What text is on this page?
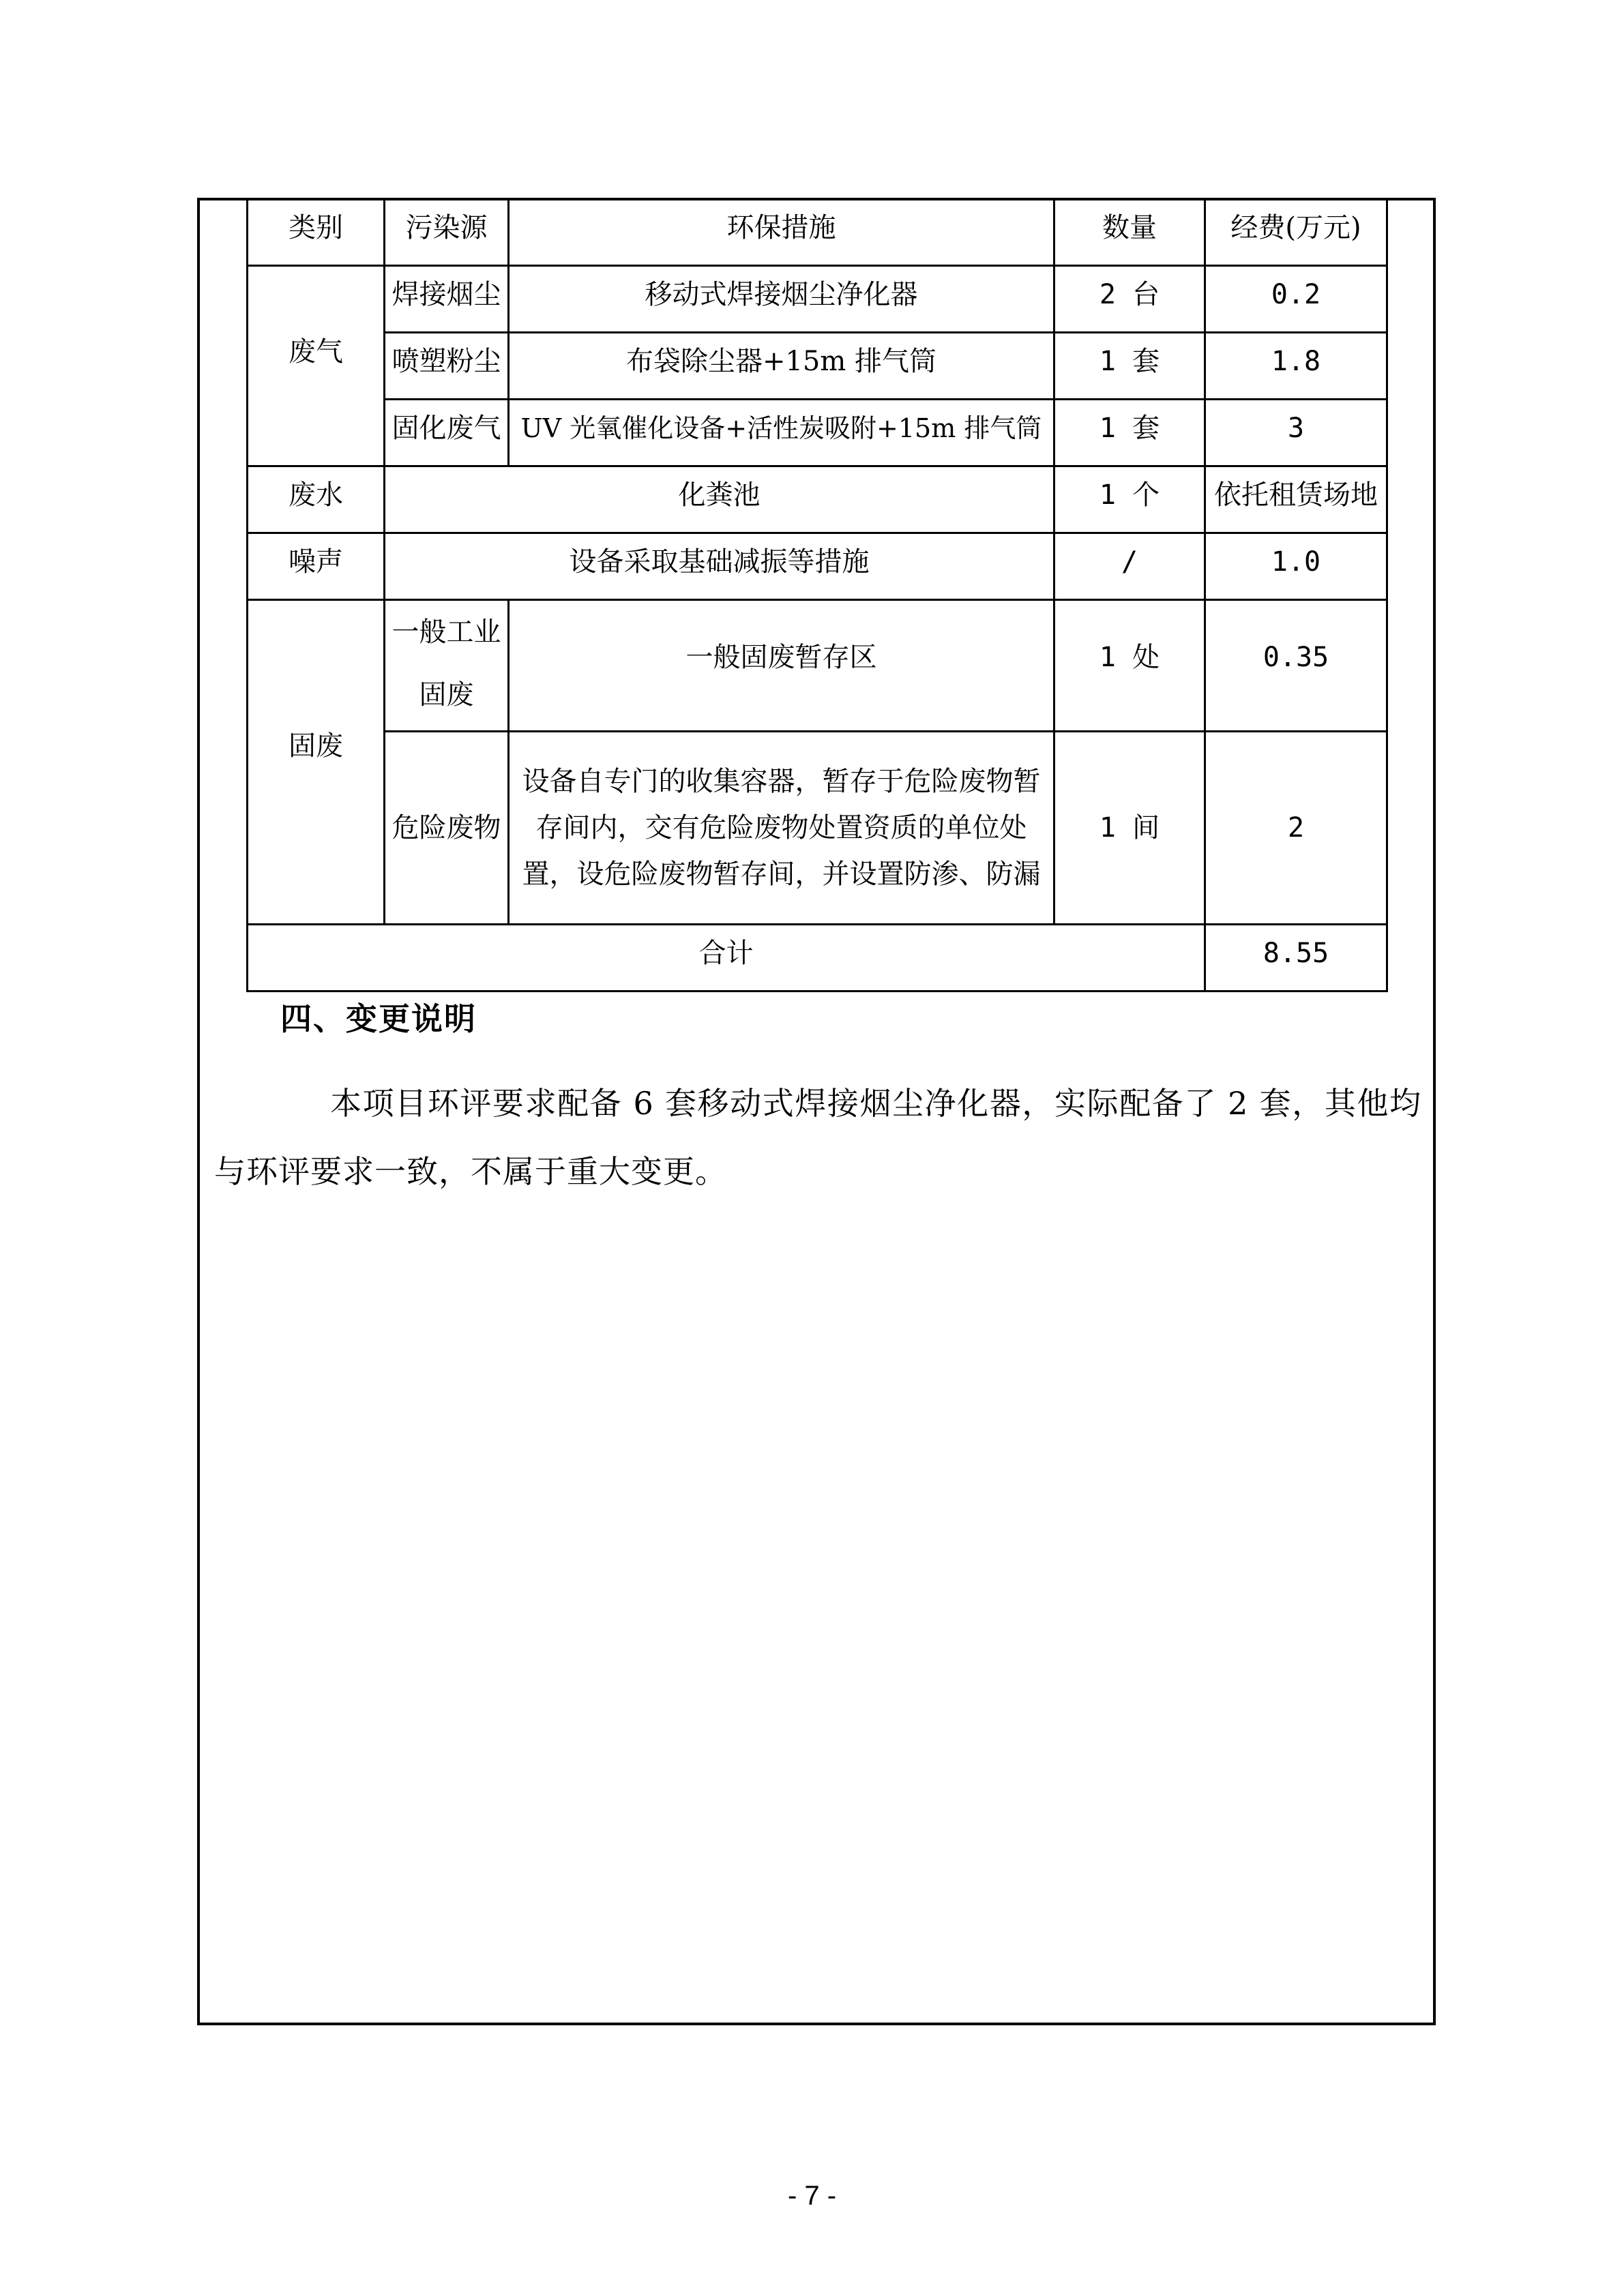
类别	污染源	环保措施	数量	经费(万元)
废气	焊接烟尘	移动式焊接烟尘净化器	2 台	0.2
	喷塑粉尘	布袋除尘器+15m 排气筒	1 套	1.8
	固化废气	UV 光氧催化设备+活性炭吸附+15m 排气筒	1 套	3
废水	化粪池		1 个	依托租赁场地
噪声	设备采取基础减振等措施		/	1.0
固废	一般工业固废	一般固废暂存区	1 处	0.35
	危险废物	设备自专门的收集容器，暂存于危险废物暂存间内，交有危险废物处置资质的单位处置，设危险废物暂存间，并设置防渗、防漏	1 间	2
合计				8.55
四、变更说明

本项目环评要求配备 6 套移动式焊接烟尘净化器，实际配备了 2 套，其他均与环评要求一致，不属于重大变更。

- 7 -
